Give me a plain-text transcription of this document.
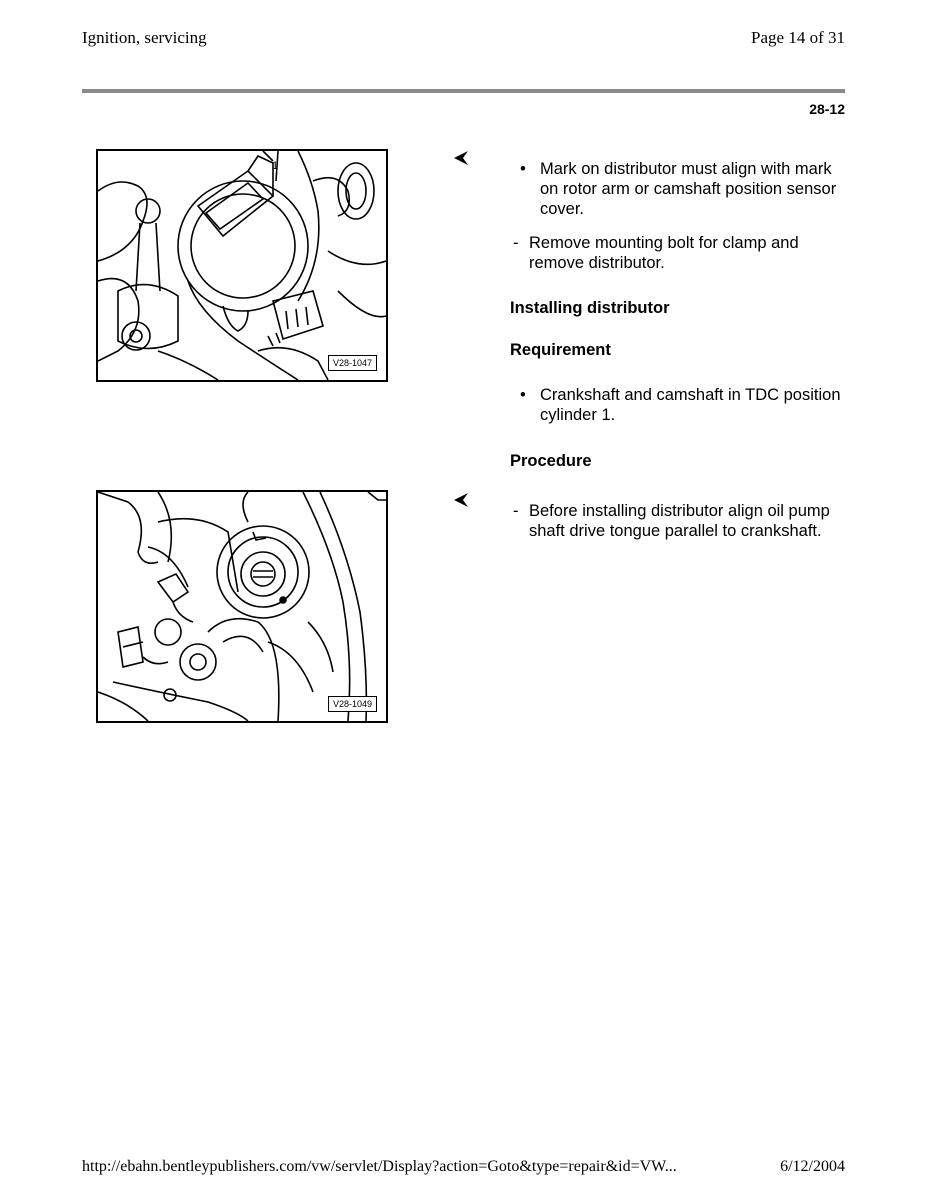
Ignition, servicing	Page 14 of 31
28-12
1
V28-1047
• Mark on distributor must align with mark on rotor arm or camshaft position sensor cover.
- Remove mounting bolt for clamp and remove distributor.
Installing distributor
Requirement
• Crankshaft and camshaft in TDC position cylinder 1.
Procedure
V28-1049
- Before installing distributor align oil pump shaft drive tongue parallel to crankshaft.
http://ebahn.bentleypublishers.com/vw/servlet/Display?action=Goto&type=repair&id=VW...	6/12/2004
